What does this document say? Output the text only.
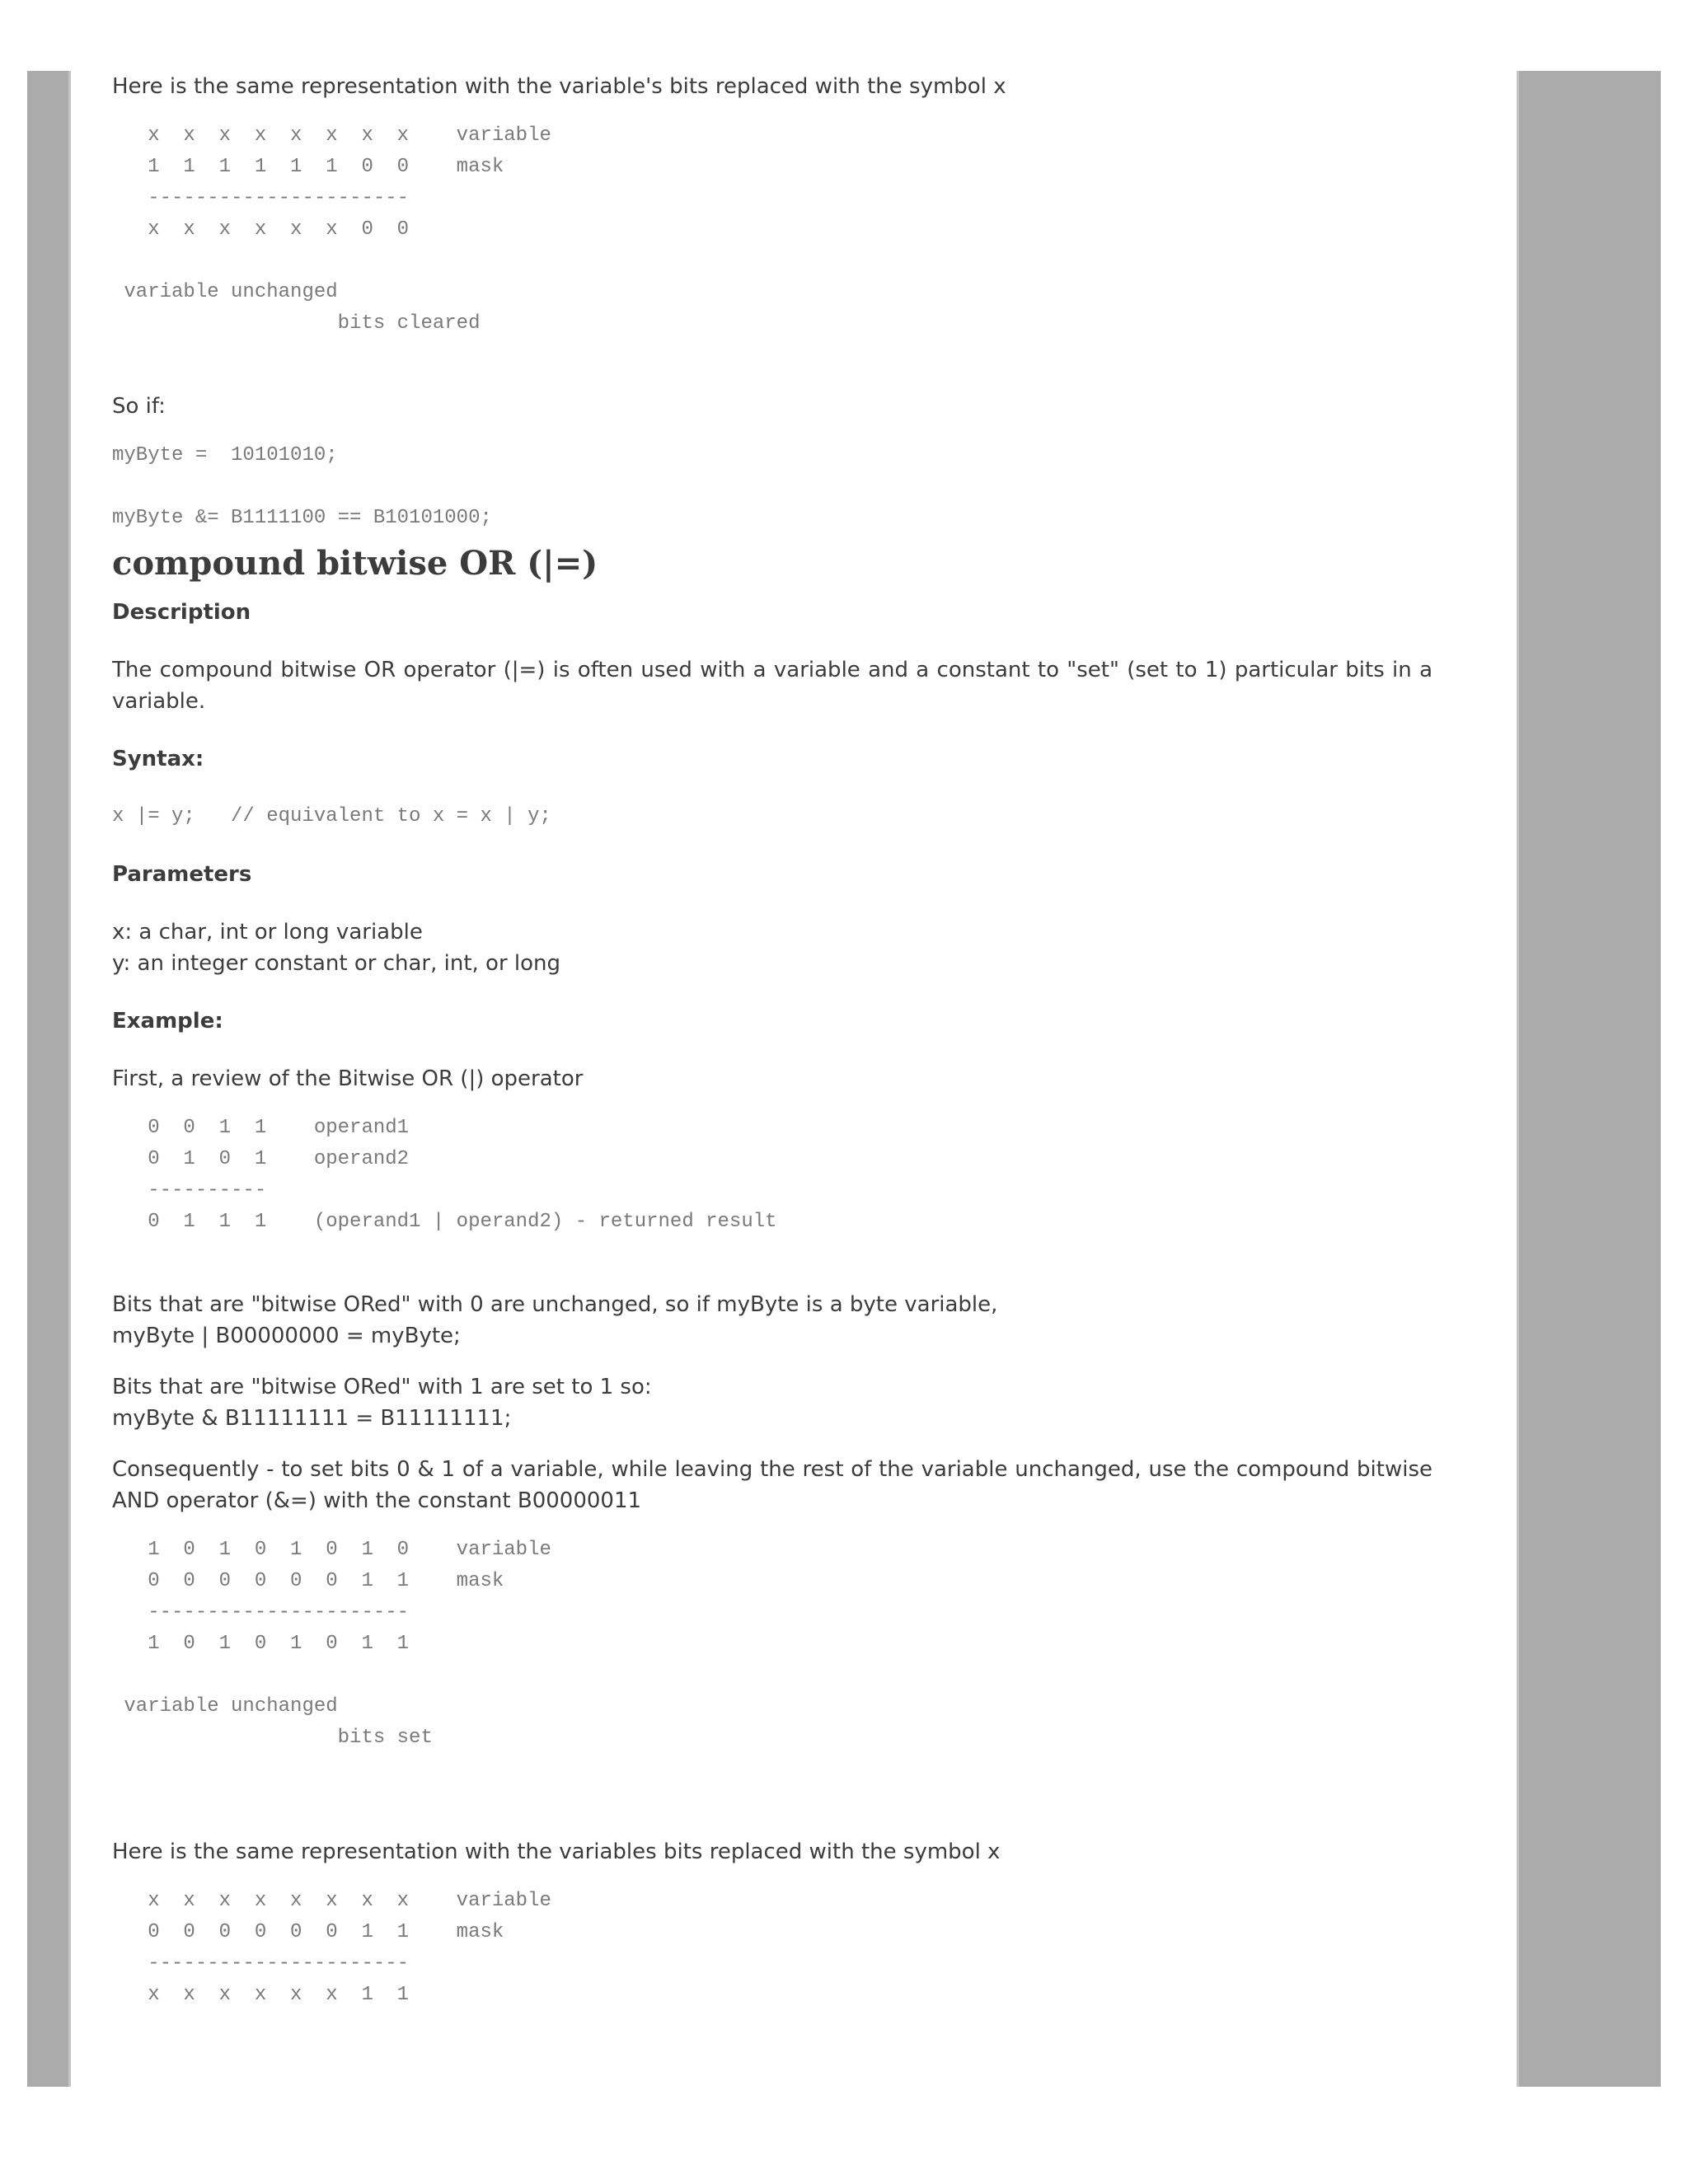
Here is the same representation with the variable's bits replaced with the symbol x

x  x  x  x  x  x  x  x    variable
1  1  1  1  1  1  0  0    mask
----------------------
x  x  x  x  x  x  0  0
variable unchanged
bits cleared

So if:

myByte =  10101010;
myByte &= B1111100 == B10101000;
compound bitwise OR (|=)
Description

The compound bitwise OR operator (|=) is often used with a variable and a constant to "set" (set to 1) particular bits in a variable.

Syntax:
x |= y;   // equivalent to x = x | y;
Parameters

x: a char, int or long variable

y: an integer constant or char, int, or long

Example:

First, a review of the Bitwise OR (|) operator

0  0  1  1    operand1
0  1  0  1    operand2
----------
0  1  1  1    (operand1 | operand2) - returned result

Bits that are "bitwise ORed" with 0 are unchanged, so if myByte is a byte variable,

myByte | B00000000 = myByte;

Bits that are "bitwise ORed" with 1 are set to 1 so:

myByte & B11111111 = B11111111;

Consequently - to set bits 0 & 1 of a variable, while leaving the rest of the variable unchanged, use the compound bitwise AND operator (&=) with the constant B00000011

1  0  1  0  1  0  1  0    variable
0  0  0  0  0  0  1  1    mask
----------------------
1  0  1  0  1  0  1  1
variable unchanged
bits set

Here is the same representation with the variables bits replaced with the symbol x

x  x  x  x  x  x  x  x    variable
0  0  0  0  0  0  1  1    mask
----------------------
x  x  x  x  x  x  1  1
